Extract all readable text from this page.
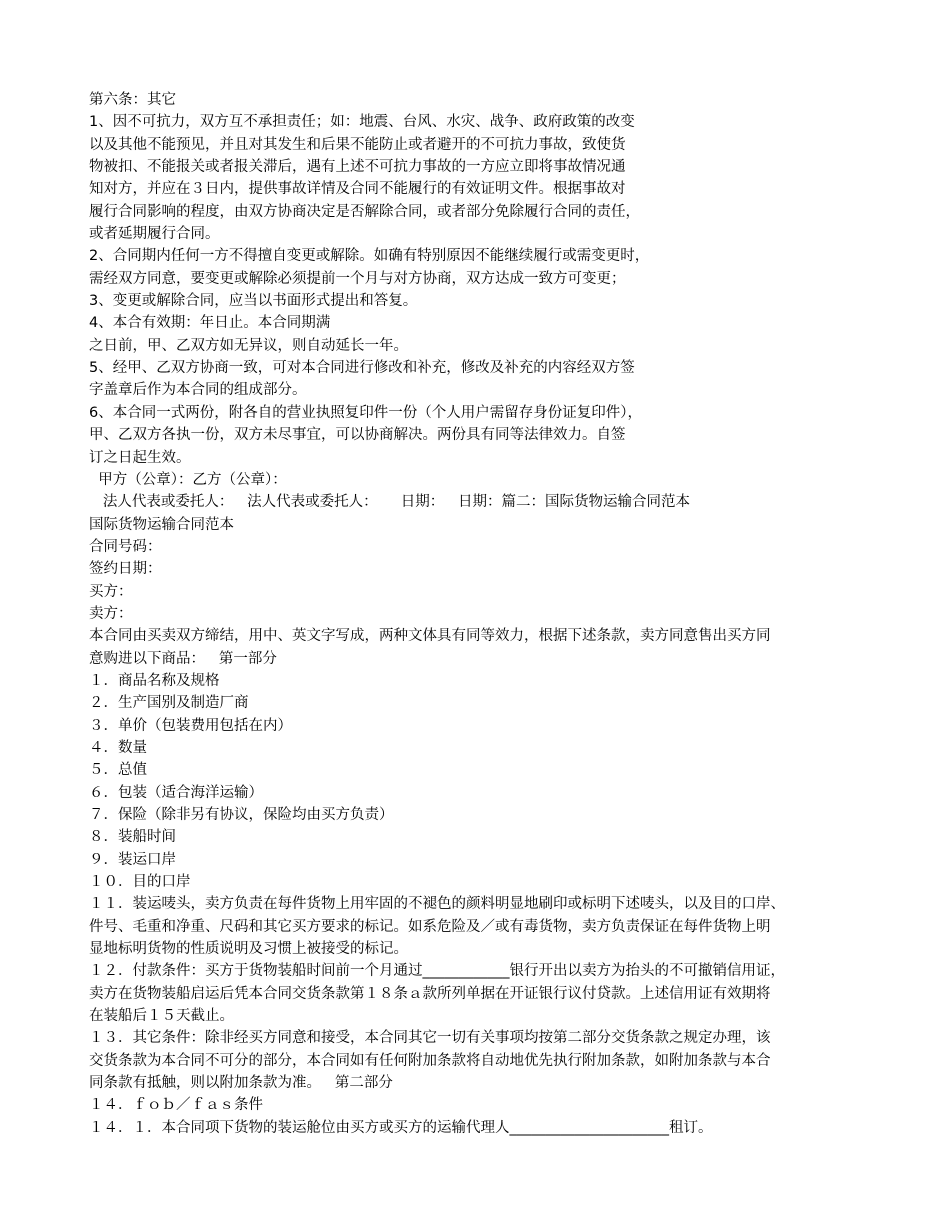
第六条：其它
1、因不可抗力，双方互不承担责任；如：地震、台风、水灾、战争、政府政策的改变
以及其他不能预见，并且对其发生和后果不能防止或者避开的不可抗力事故，致使货
物被扣、不能报关或者报关滞后，遇有上述不可抗力事故的一方应立即将事故情况通
知对方，并应在３日内，提供事故详情及合同不能履行的有效证明文件。根据事故对
履行合同影响的程度，由双方协商决定是否解除合同，或者部分免除履行合同的责任，
或者延期履行合同。
2、合同期内任何一方不得擅自变更或解除。如确有特别原因不能继续履行或需变更时，
需经双方同意，要变更或解除必须提前一个月与对方协商，双方达成一致方可变更；
3、变更或解除合同，应当以书面形式提出和答复。
4、本合有效期：年日止。本合同期满
之日前，甲、乙双方如无异议，则自动延长一年。
5、经甲、乙双方协商一致，可对本合同进行修改和补充，修改及补充的内容经双方签
字盖章后作为本合同的组成部分。
6、本合同一式两份，附各自的营业执照复印件一份（个人用户需留存身份证复印件），
甲、乙双方各执一份，双方未尽事宜，可以协商解决。两份具有同等法律效力。自签
订之日起生效。
甲方（公章）：乙方（公章）：
法人代表或委托人：   法人代表或委托人：     日期：   日期：篇二：国际货物运输合同范本
国际货物运输合同范本
合同号码：
签约日期：
买方：
卖方：
本合同由买卖双方缔结，用中、英文字写成，两种文体具有同等效力，根据下述条款，卖方同意售出买方同
意购进以下商品：   第一部分
１．商品名称及规格
２．生产国别及制造厂商
３．单价（包装费用包括在内）
４．数量
５．总值
６．包装（适合海洋运输）
７．保险（除非另有协议，保险均由买方负责）
８．装船时间
９．装运口岸
１０．目的口岸
１１．装运唛头，卖方负责在每件货物上用牢固的不褪色的颜料明显地刷印或标明下述唛头，以及目的口岸、
件号、毛重和净重、尺码和其它买方要求的标记。如系危险及／或有毒货物，卖方负责保证在每件货物上明
显地标明货物的性质说明及习惯上被接受的标记。
１２．付款条件：买方于货物装船时间前一个月通过____________银行开出以卖方为抬头的不可撤销信用证，
卖方在货物装船启运后凭本合同交货条款第１８条ａ款所列单据在开证银行议付贷款。上述信用证有效期将
在装船后１５天截止。
１３．其它条件：除非经买方同意和接受，本合同其它一切有关事项均按第二部分交货条款之规定办理，该
交货条款为本合同不可分的部分，本合同如有任何附加条款将自动地优先执行附加条款，如附加条款与本合
同条款有抵触，则以附加条款为准。   第二部分
１４．ｆｏｂ／ｆａｓ条件
１４．１．本合同项下货物的装运舱位由买方或买方的运输代理人______________________租订。
